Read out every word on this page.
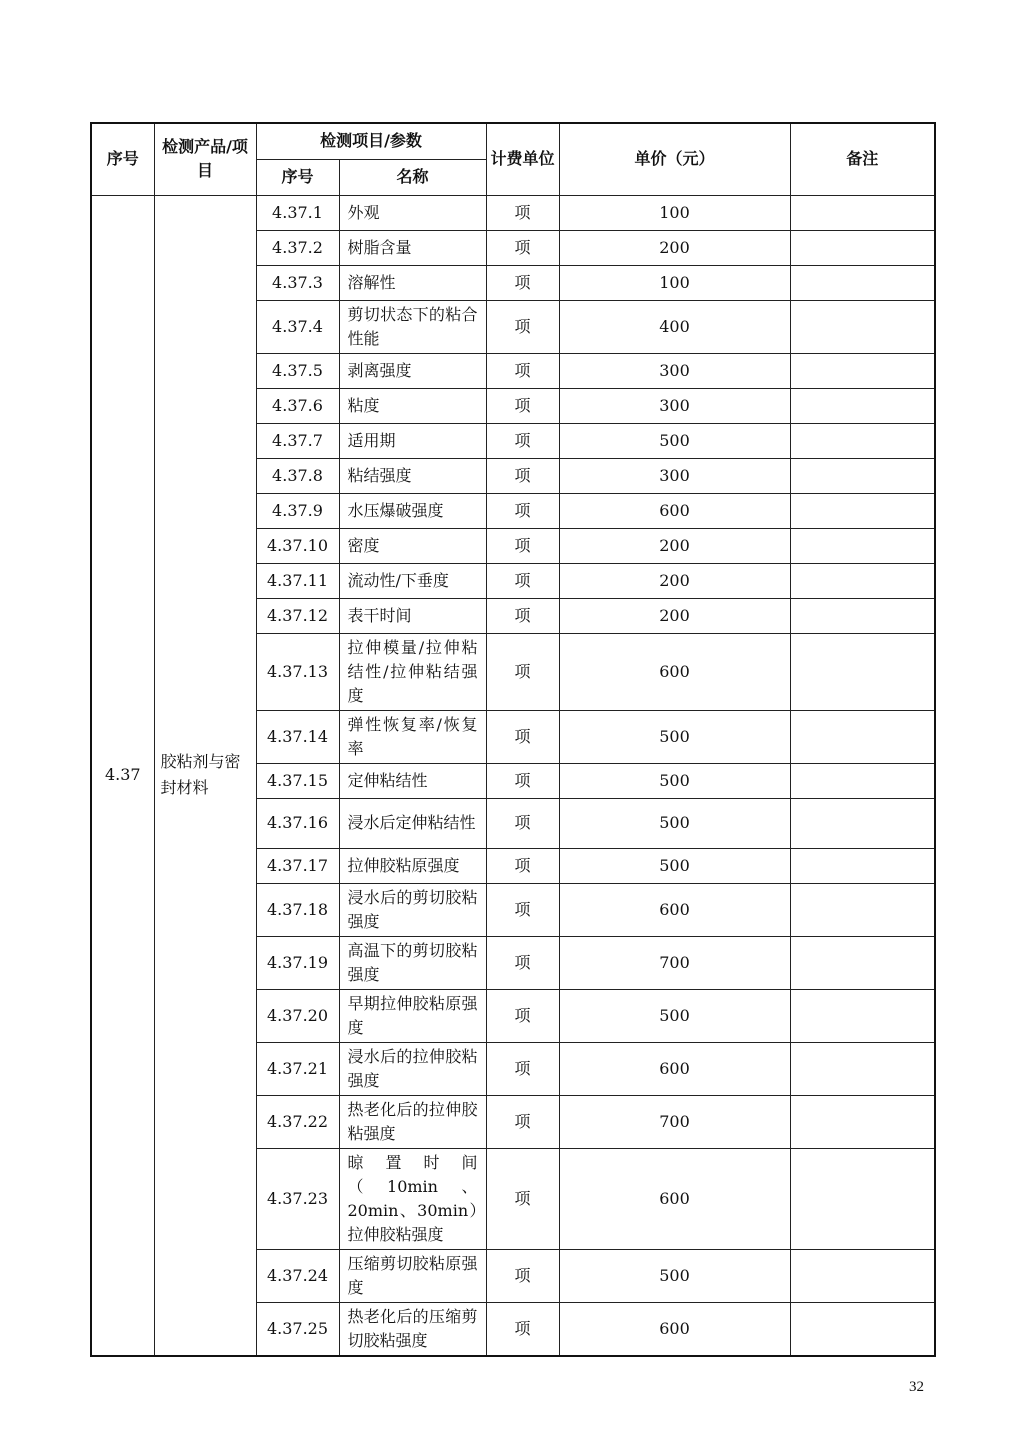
序号	检测产品/项目	检测项目/参数		计费单位	单价（元）	备注
		序号	名称			
4.37	胶粘剂与密封材料	4.37.1	外观	项	100	
		4.37.2	树脂含量	项	200	
		4.37.3	溶解性	项	100	
		4.37.4	剪切状态下的粘合性能	项	400	
		4.37.5	剥离强度	项	300	
		4.37.6	粘度	项	300	
		4.37.7	适用期	项	500	
		4.37.8	粘结强度	项	300	
		4.37.9	水压爆破强度	项	600	
		4.37.10	密度	项	200	
		4.37.11	流动性/下垂度	项	200	
		4.37.12	表干时间	项	200	
		4.37.13	拉伸模量/拉伸粘结性/拉伸粘结强度	项	600	
		4.37.14	弹性恢复率/恢复率	项	500	
		4.37.15	定伸粘结性	项	500	
		4.37.16	浸水后定伸粘结性	项	500	
		4.37.17	拉伸胶粘原强度	项	500	
		4.37.18	浸水后的剪切胶粘强度	项	600	
		4.37.19	高温下的剪切胶粘强度	项	700	
		4.37.20	早期拉伸胶粘原强度	项	500	
		4.37.21	浸水后的拉伸胶粘强度	项	600	
		4.37.22	热老化后的拉伸胶粘强度	项	700	
		4.37.23	晾置时间（10min、20min、30min）拉伸胶粘强度	项	600	
		4.37.24	压缩剪切胶粘原强度	项	500	
		4.37.25	热老化后的压缩剪切胶粘强度	项	600	
32
